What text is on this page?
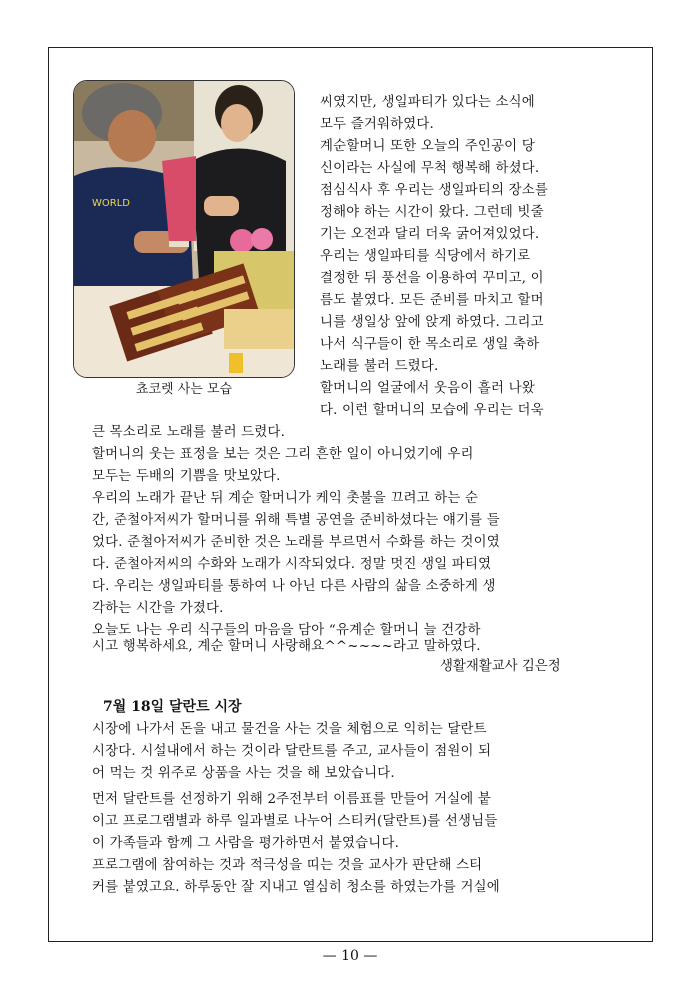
WORLD
쵸코렛 사는 모습
씨였지만, 생일파티가 있다는 소식에
모두 즐거워하였다.
계순할머니 또한 오늘의 주인공이 당
신이라는 사실에 무척 행복해 하셨다.
점심식사 후 우리는 생일파티의 장소를
정해야 하는 시간이 왔다. 그런데 빗줄
기는 오전과 달리 더욱 굵어져있었다.
우리는 생일파티를 식당에서 하기로
결정한 뒤 풍선을 이용하여 꾸미고, 이
름도 붙였다. 모든 준비를 마치고 할머
니를 생일상 앞에 앉게 하였다. 그리고
나서 식구들이 한 목소리로 생일 축하
노래를 불러 드렸다.
할머니의 얼굴에서 웃음이 흘러 나왔
다. 이런 할머니의 모습에 우리는 더욱
큰 목소리로 노래를 불러 드렸다.
할머니의 웃는 표정을 보는 것은 그리 흔한 일이 아니었기에 우리
모두는 두배의 기쁨을 맛보았다.
우리의 노래가 끝난 뒤 계순 할머니가 케익 촛불을 끄려고 하는 순
간, 준철아저씨가 할머니를 위해 특별 공연을 준비하셨다는 얘기를 들
었다. 준철아저씨가 준비한 것은 노래를 부르면서 수화를 하는 것이였
다. 준철아저씨의 수화와 노래가 시작되었다. 정말 멋진 생일 파티였
다. 우리는 생일파티를 통하여 나 아닌 다른 사람의 삶을 소중하게 생
각하는 시간을 가졌다.
오늘도 나는 우리 식구들의 마음을 담아 “유계순 할머니 늘 건강하
시고 행복하세요, 계순 할머니 사랑해요^^~~~~라고 말하였다.
생활재활교사 김은정
7월 18일 달란트 시장
시장에 나가서 돈을 내고 물건을 사는 것을 체험으로 익히는 달란트
시장다. 시설내에서 하는 것이라 달란트를 주고, 교사들이 점원이 되
어 먹는 것 위주로 상품을 사는 것을 해 보았습니다.
먼저 달란트를 선정하기 위해 2주전부터 이름표를 만들어 거실에 붙
이고 프로그램별과 하루 일과별로 나누어 스티커(달란트)를 선생님들
이 가족들과 함께 그 사람을 평가하면서 붙였습니다.
프로그램에 참여하는 것과 적극성을 띠는 것을 교사가 판단해 스티
커를 붙였고요. 하루동안 잘 지내고 열심히 청소를 하였는가를 거실에
— 10 —
